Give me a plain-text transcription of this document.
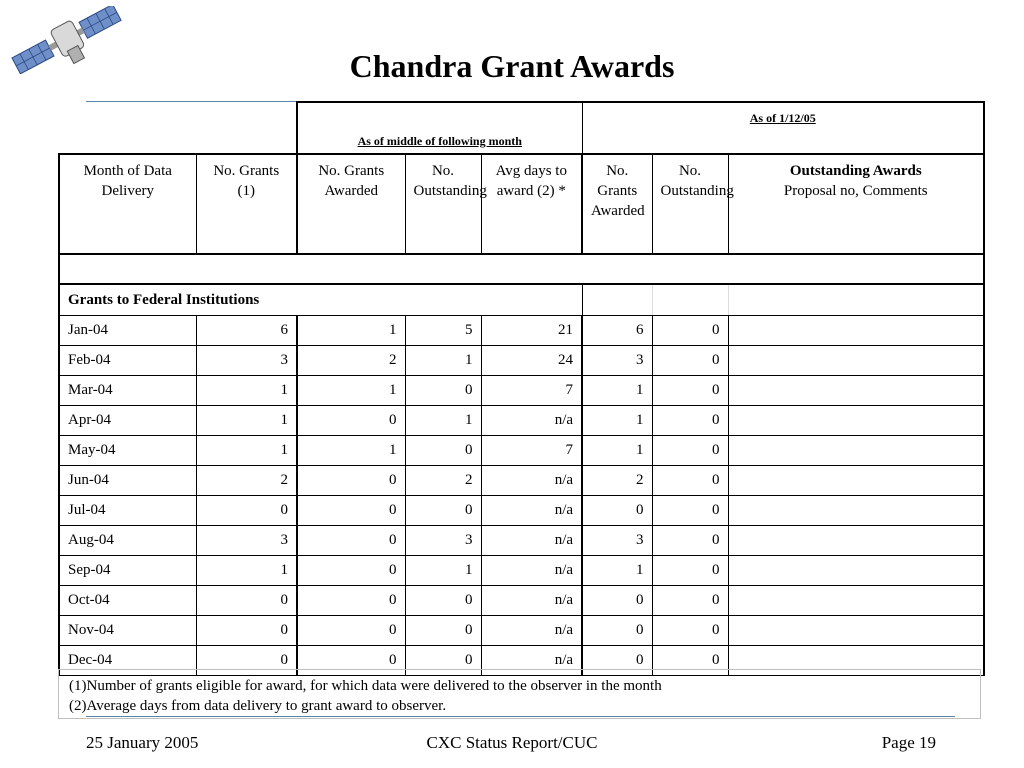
Chandra Grant Awards
		As of middle of following month			As of 1/12/05		
Month of Data Delivery	No. Grants (1)	No. Grants Awarded	No. Outstanding	Avg days to award (2) *	No. Grants Awarded	No. Outstanding	Outstanding Awards
Proposal no, Comments

Grants to Federal Institutions							
Jan-04	6	1	5	21	6	0	
Feb-04	3	2	1	24	3	0	
Mar-04	1	1	0	7	1	0	
Apr-04	1	0	1	n/a	1	0	
May-04	1	1	0	7	1	0	
Jun-04	2	0	2	n/a	2	0	
Jul-04	0	0	0	n/a	0	0	
Aug-04	3	0	3	n/a	3	0	
Sep-04	1	0	1	n/a	1	0	
Oct-04	0	0	0	n/a	0	0	
Nov-04	0	0	0	n/a	0	0	
Dec-04	0	0	0	n/a	0	0	
(1)Number of grants eligible for award, for which data were delivered to the observer in the month
(2)Average days from data delivery to grant award to observer.
25 January 2005	CXC Status Report/CUC	Page 19
